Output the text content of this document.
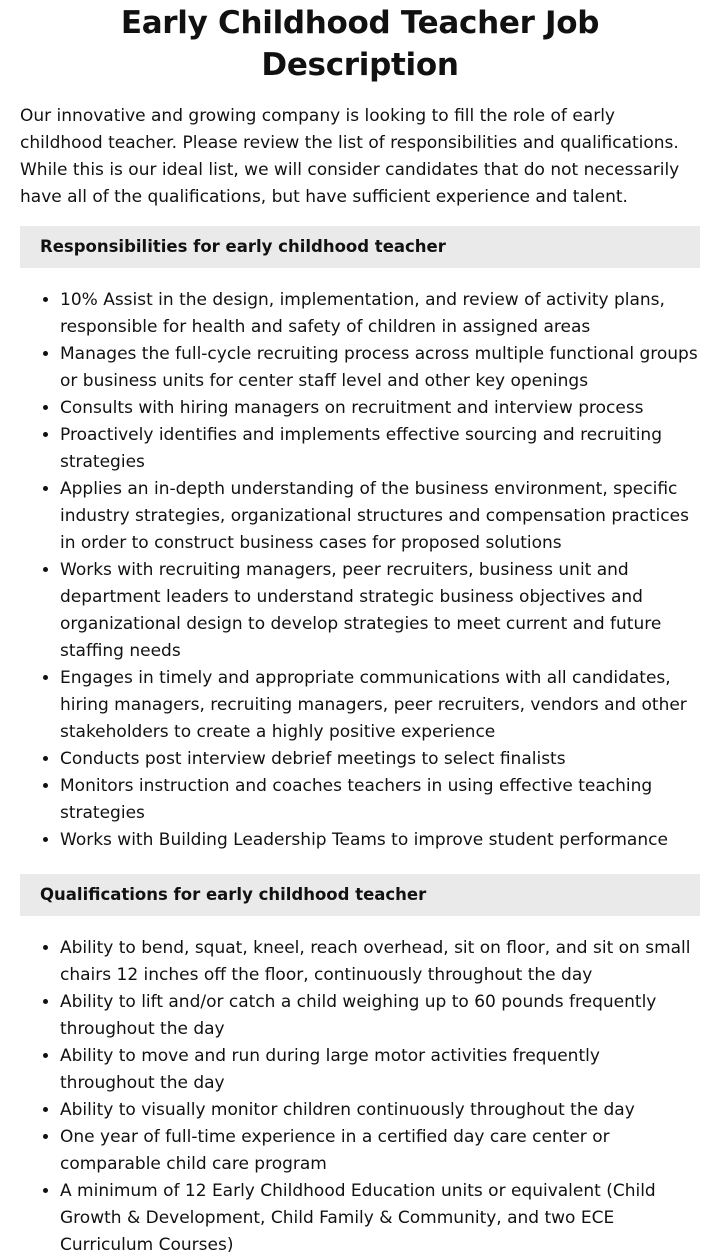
Early Childhood Teacher Job Description

Our innovative and growing company is looking to fill the role of early childhood teacher. Please review the list of responsibilities and qualifications. While this is our ideal list, we will consider candidates that do not necessarily have all of the qualifications, but have sufficient experience and talent.

Responsibilities for early childhood teacher
• 10% Assist in the design, implementation, and review of activity plans, responsible for health and safety of children in assigned areas
• Manages the full-cycle recruiting process across multiple functional groups or business units for center staff level and other key openings
• Consults with hiring managers on recruitment and interview process
• Proactively identifies and implements effective sourcing and recruiting strategies
• Applies an in-depth understanding of the business environment, specific industry strategies, organizational structures and compensation practices in order to construct business cases for proposed solutions
• Works with recruiting managers, peer recruiters, business unit and department leaders to understand strategic business objectives and organizational design to develop strategies to meet current and future staffing needs
• Engages in timely and appropriate communications with all candidates, hiring managers, recruiting managers, peer recruiters, vendors and other stakeholders to create a highly positive experience
• Conducts post interview debrief meetings to select finalists
• Monitors instruction and coaches teachers in using effective teaching strategies
• Works with Building Leadership Teams to improve student performance
Qualifications for early childhood teacher
• Ability to bend, squat, kneel, reach overhead, sit on floor, and sit on small chairs 12 inches off the floor, continuously throughout the day
• Ability to lift and/or catch a child weighing up to 60 pounds frequently throughout the day
• Ability to move and run during large motor activities frequently throughout the day
• Ability to visually monitor children continuously throughout the day
• One year of full-time experience in a certified day care center or comparable child care program
• A minimum of 12 Early Childhood Education units or equivalent (Child Growth & Development, Child Family & Community, and two ECE Curriculum Courses)
